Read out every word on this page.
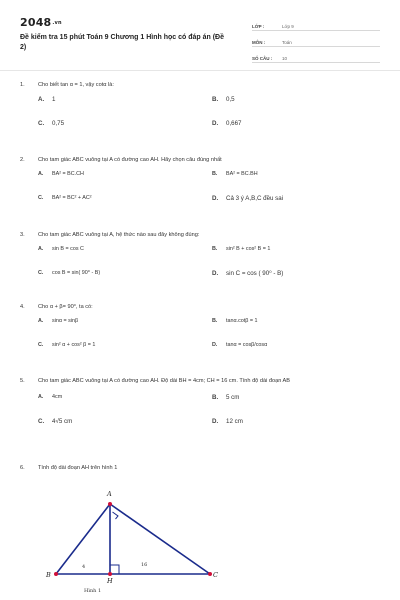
2048.vn
Đề kiểm tra 15 phút Toán 9 Chương 1 Hình học có đáp án (Đề 2)
LỚP :	Lớp 9
MÔN :	Toán
SỐ CÂU :	10
1.	Cho biết tan α = 1, vậy cotα là:
A.	1	B.	0,5
C.	0,75	D.	0,667
2.	Cho tam giác ABC vuông tại A có đường cao AH. Hãy chọn câu đúng nhất
A.	BA² = BC.CH	B.	BA² = BC.BH
C.	BA² = BC² + AC²	D.	Cả 3 ý A,B,C đều sai
3.	Cho tam giác ABC vuông tại A, hệ thức nào sau đây không đúng:
A.	sin B = cos C	B.	sin² B + cos² B = 1
C.	cos B = sin( 90⁰ - B)	D.	sin C = cos ( 90⁰ - B)
4.	Cho α + β= 90⁰, ta có:
A.	sinα = sinβ	B.	tanα.cotβ = 1
C.	sin² α + cos² β = 1	D.	tanα = cosβ/cosα
5.	Cho tam giác ABC vuông tại A có đường cao AH. Độ dài BH = 4cm; CH = 16 cm. Tính độ dài đoạn AB
A.	4cm	B.	5 cm
C.	4√5 cm	D.	12 cm
6.	Tính độ dài đoạn AH trên hình 1
A
B	C
H
4	16
Hình 1
